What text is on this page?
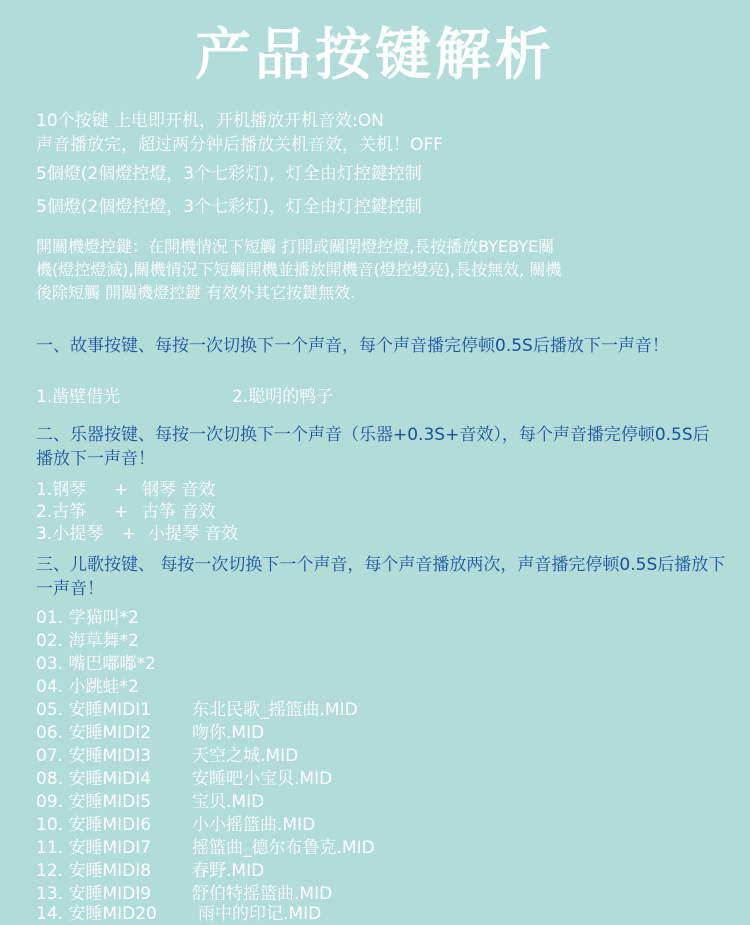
产品按键解析
10个按键 上电即开机，开机播放开机音效:ON
声音播放完，超过两分钟后播放关机音效，关机！OFF
5個燈(2個燈控燈，3个七彩灯)，灯全由灯控鍵控制
5個燈(2個燈控燈，3个七彩灯)，灯全由灯控鍵控制
開關機燈控鍵：在開機情況下短觸 打開或關閉燈控燈,長按播放BYEBYE關
機(燈控燈滅),關機情況下短觸開機並播放開機音(燈控燈亮),長按無效, 關機
後除短觸 開關機燈控鍵 有效外其它按鍵無效.
一、故事按键、每按一次切换下一个声音，每个声音播完停顿0.5S后播放下一声音！
1.凿壁借光	2.聪明的鸭子
二、乐器按键、每按一次切换下一个声音（乐器+0.3S+音效），每个声音播完停顿0.5S后播放下一声音！
1.钢琴 + 钢琴 音效
2.古筝 + 古筝 音效
3.小提琴 + 小提琴 音效
三、儿歌按键、 每按一次切换下一个声音，每个声音播放两次，声音播完停顿0.5S后播放下一声音！
01. 学猫叫*2
02. 海草舞*2
03. 嘴巴嘟嘟*2
04. 小跳蛙*2
05. 安睡MIDI1 东北民歌_摇篮曲.MID
06. 安睡MIDI2 吻你.MID
07. 安睡MIDI3 天空之城.MID
08. 安睡MIDI4 安睡吧小宝贝.MID
09. 安睡MIDI5 宝贝.MID
10. 安睡MIDI6 小小摇篮曲.MID
11. 安睡MIDI7 摇篮曲_德尔布鲁克.MID
12. 安睡MIDI8 春野.MID
13. 安睡MIDI9 舒伯特摇篮曲.MID
14. 安睡MID20 雨中的印记.MID
